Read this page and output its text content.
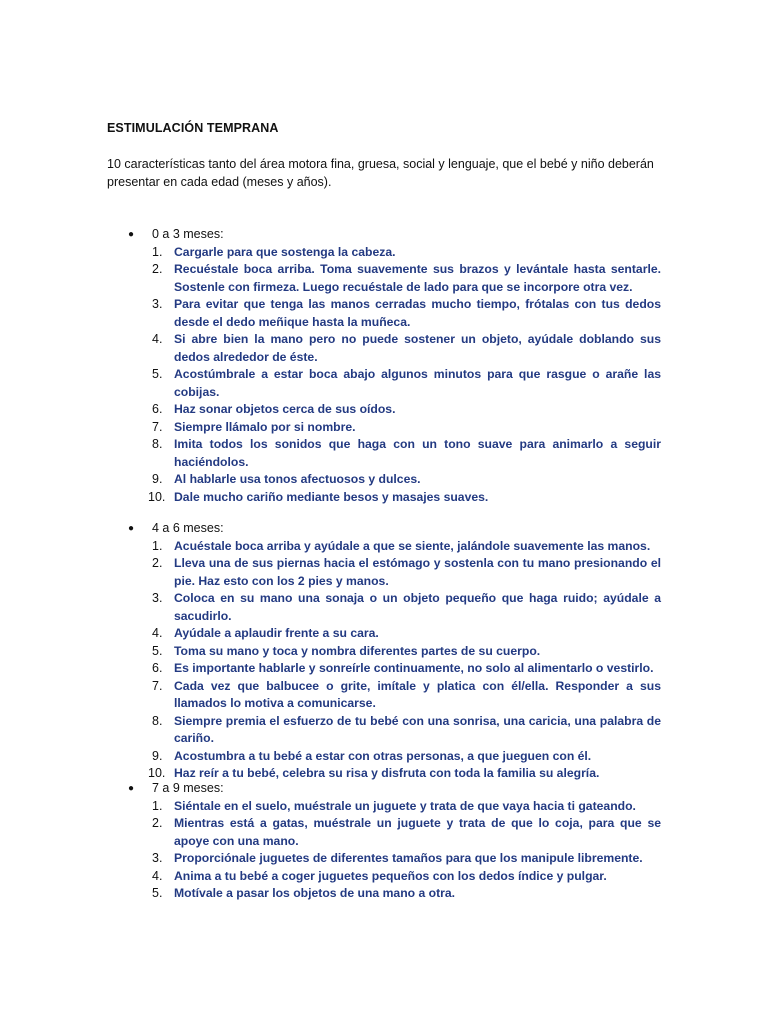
ESTIMULACIÓN TEMPRANA
10 características tanto del área motora fina, gruesa, social y lenguaje, que el bebé y niño deberán presentar en cada edad (meses y años).
● 0 a 3 meses:
1. Cargarle para que sostenga la cabeza.
2. Recuéstale boca arriba. Toma suavemente sus brazos y levántale hasta sentarle. Sostenle con firmeza. Luego recuéstale de lado para que se incorpore otra vez.
3. Para evitar que tenga las manos cerradas mucho tiempo, frótalas con tus dedos desde el dedo meñique hasta la muñeca.
4. Si abre bien la mano pero no puede sostener un objeto, ayúdale doblando sus dedos alrededor de éste.
5. Acostúmbrale a estar boca abajo algunos minutos para que rasgue o arañe las cobijas.
6. Haz sonar objetos cerca de sus oídos.
7. Siempre llámalo por si nombre.
8. Imita todos los sonidos que haga con un tono suave para animarlo a seguir haciéndolos.
9. Al hablarle usa tonos afectuosos y dulces.
10. Dale mucho cariño mediante besos y masajes suaves.
● 4 a 6 meses:
1. Acuéstale boca arriba y ayúdale a que se siente, jalándole suavemente las manos.
2. Lleva una de sus piernas hacia el estómago y sostenla con tu mano presionando el pie. Haz esto con los 2 pies y manos.
3. Coloca en su mano una sonaja o un objeto pequeño que haga ruido; ayúdale a sacudirlo.
4. Ayúdale a aplaudir frente a su cara.
5. Toma su mano y toca y nombra diferentes partes de su cuerpo.
6. Es importante hablarle y sonreírle continuamente, no solo al alimentarlo o vestirlo.
7. Cada vez que balbucee o grite, imítale y platica con él/ella. Responder a sus llamados lo motiva a comunicarse.
8. Siempre premia el esfuerzo de tu bebé con una sonrisa, una caricia, una palabra de cariño.
9. Acostumbra a tu bebé a estar con otras personas, a que jueguen con él.
10. Haz reír a tu bebé, celebra su risa y disfruta con toda la familia su alegría.
● 7 a 9 meses:
1. Siéntale en el suelo, muéstrale un juguete y trata de que vaya hacia ti gateando.
2. Mientras está a gatas, muéstrale un juguete y trata de que lo coja, para que se apoye con una mano.
3. Proporciónale juguetes de diferentes tamaños para que los manipule libremente.
4. Anima a tu bebé a coger juguetes pequeños con los dedos índice y pulgar.
5. Motívale a pasar los objetos de una mano a otra.
